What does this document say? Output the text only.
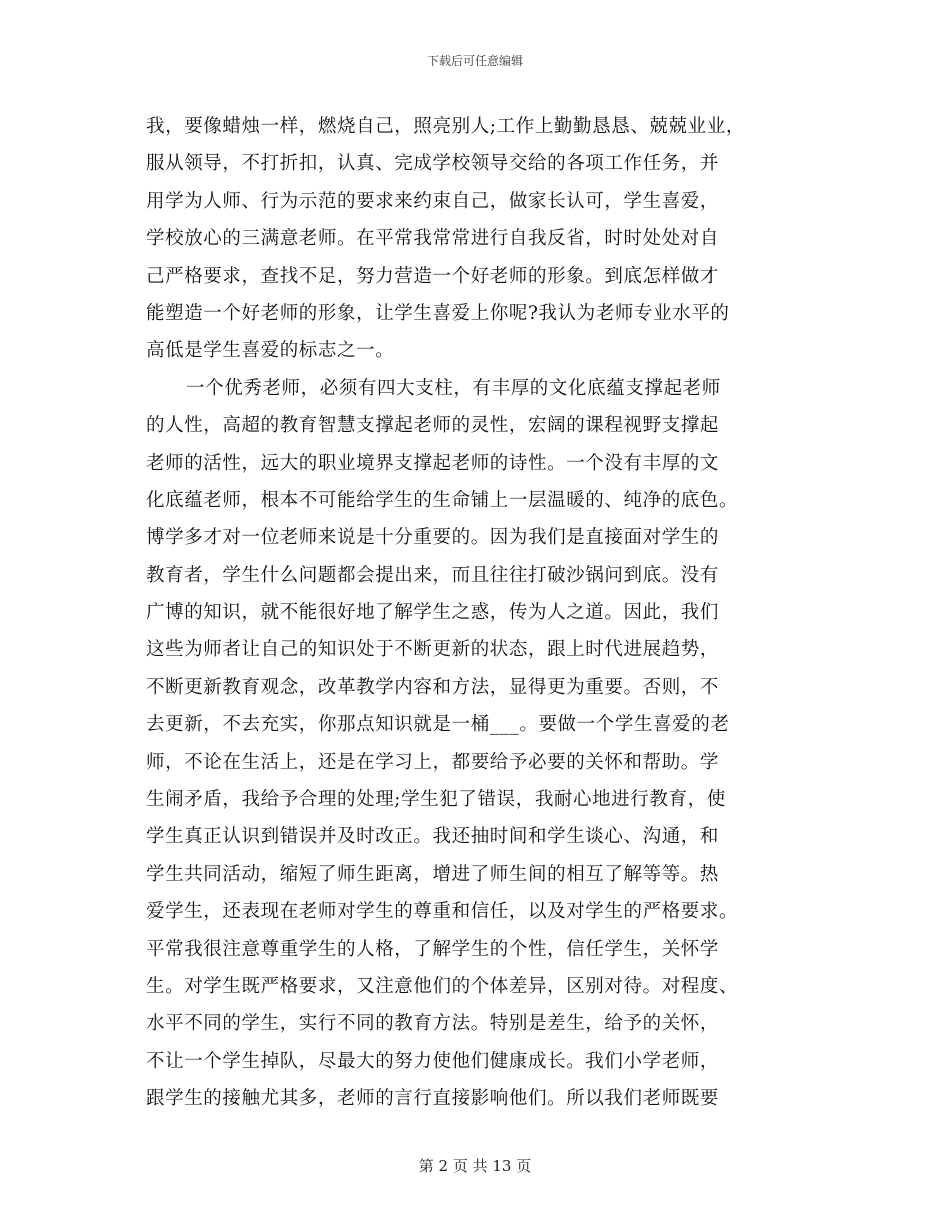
下载后可任意编辑
我，要像蜡烛一样，燃烧自己，照亮别人;工作上勤勤恳恳、兢兢业业，
服从领导，不打折扣，认真、完成学校领导交给的各项工作任务，并
用学为人师、行为示范的要求来约束自己，做家长认可，学生喜爱，
学校放心的三满意老师。在平常我常常进行自我反省，时时处处对自
己严格要求，查找不足，努力营造一个好老师的形象。到底怎样做才
能塑造一个好老师的形象，让学生喜爱上你呢?我认为老师专业水平的
高低是学生喜爱的标志之一。
一个优秀老师，必须有四大支柱，有丰厚的文化底蕴支撑起老师
的人性，高超的教育智慧支撑起老师的灵性，宏阔的课程视野支撑起
老师的活性，远大的职业境界支撑起老师的诗性。一个没有丰厚的文
化底蕴老师，根本不可能给学生的生命铺上一层温暖的、纯净的底色。
博学多才对一位老师来说是十分重要的。因为我们是直接面对学生的
教育者，学生什么问题都会提出来，而且往往打破沙锅问到底。没有
广博的知识，就不能很好地了解学生之惑，传为人之道。因此，我们
这些为师者让自己的知识处于不断更新的状态，跟上时代进展趋势，
不断更新教育观念，改革教学内容和方法，显得更为重要。否则，不
去更新，不去充实，你那点知识就是一桶___。要做一个学生喜爱的老
师，不论在生活上，还是在学习上，都要给予必要的关怀和帮助。学
生闹矛盾，我给予合理的处理;学生犯了错误，我耐心地进行教育，使
学生真正认识到错误并及时改正。我还抽时间和学生谈心、沟通，和
学生共同活动，缩短了师生距离，增进了师生间的相互了解等等。热
爱学生，还表现在老师对学生的尊重和信任，以及对学生的严格要求。
平常我很注意尊重学生的人格，了解学生的个性，信任学生，关怀学
生。对学生既严格要求，又注意他们的个体差异，区别对待。对程度、
水平不同的学生，实行不同的教育方法。特别是差生，给予的关怀，
不让一个学生掉队，尽最大的努力使他们健康成长。我们小学老师，
跟学生的接触尤其多，老师的言行直接影响他们。所以我们老师既要
第 2 页 共 13 页
